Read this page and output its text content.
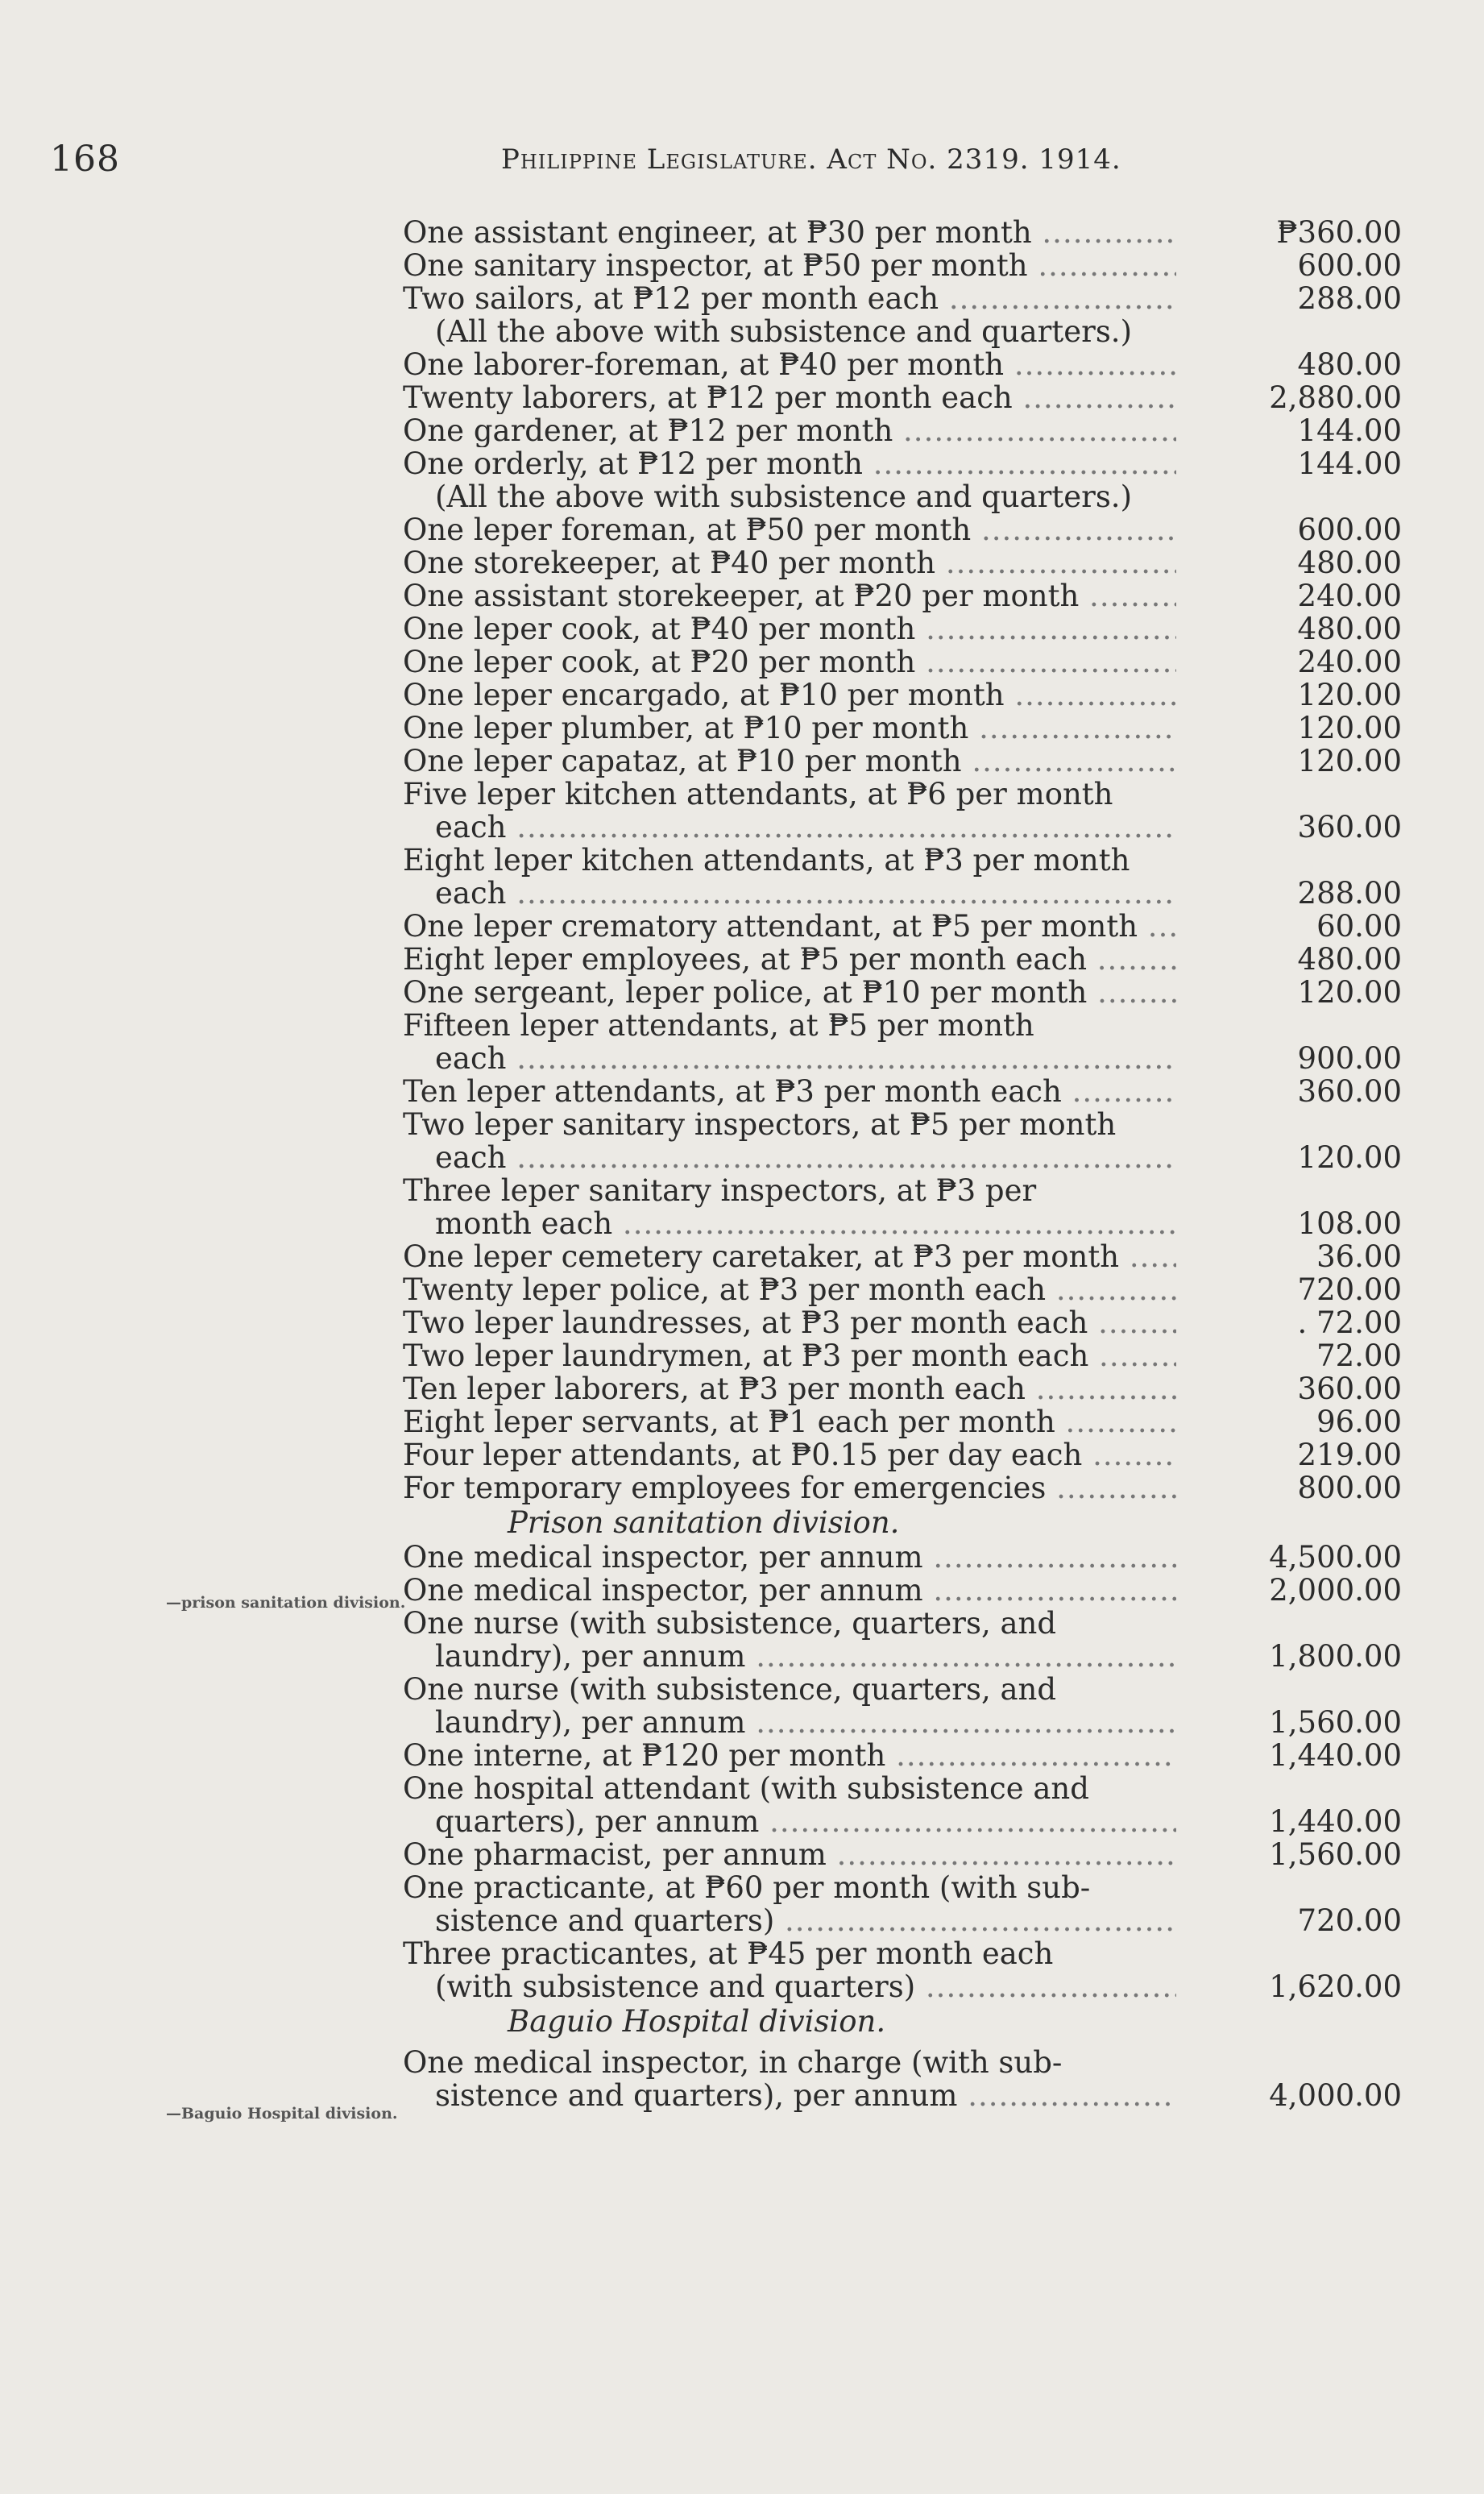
168	Philippine Legislature. Act No. 2319. 1914.
—prison sanitation division.
—Baguio Hospital division.
One assistant engineer, at ₱30 per month .....	₱360.00
One sanitary inspector, at ₱50 per month .....	600.00
Two sailors, at ₱12 per month each .....	288.00
(All the above with subsistence and quarters.)
One laborer-foreman, at ₱40 per month .....	480.00
Twenty laborers, at ₱12 per month each .....	2,880.00
One gardener, at ₱12 per month .....	144.00
One orderly, at ₱12 per month .....	144.00
(All the above with subsistence and quarters.)
One leper foreman, at ₱50 per month .....	600.00
One storekeeper, at ₱40 per month .....	480.00
One assistant storekeeper, at ₱20 per month .....	240.00
One leper cook, at ₱40 per month .....	480.00
One leper cook, at ₱20 per month .....	240.00
One leper encargado, at ₱10 per month .....	120.00
One leper plumber, at ₱10 per month .....	120.00
One leper capataz, at ₱10 per month .....	120.00
Five leper kitchen attendants, at ₱6 per month
each .....	360.00
Eight leper kitchen attendants, at ₱3 per month
each .....	288.00
One leper crematory attendant, at ₱5 per month .....	60.00
Eight leper employees, at ₱5 per month each .....	480.00
One sergeant, leper police, at ₱10 per month .....	120.00
Fifteen leper attendants, at ₱5 per month
each .....	900.00
Ten leper attendants, at ₱3 per month each .....	360.00
Two leper sanitary inspectors, at ₱5 per month
each .....	120.00
Three leper sanitary inspectors, at ₱3 per
month each .....	108.00
One leper cemetery caretaker, at ₱3 per month .....	36.00
Twenty leper police, at ₱3 per month each .....	720.00
Two leper laundresses, at ₱3 per month each .....	. 72.00
Two leper laundrymen, at ₱3 per month each .....	72.00
Ten leper laborers, at ₱3 per month each .....	360.00
Eight leper servants, at ₱1 each per month .....	96.00
Four leper attendants, at ₱0.15 per day each .....	219.00
For temporary employees for emergencies .....	800.00
Prison sanitation division.
One medical inspector, per annum .....	4,500.00
One medical inspector, per annum .....	2,000.00
One nurse (with subsistence, quarters, and
laundry), per annum .....	1,800.00
One nurse (with subsistence, quarters, and
laundry), per annum .....	1,560.00
One interne, at ₱120 per month .....	1,440.00
One hospital attendant (with subsistence and
quarters), per annum .....	1,440.00
One pharmacist, per annum .....	1,560.00
One practicante, at ₱60 per month (with sub-
sistence and quarters) .....	720.00
Three practicantes, at ₱45 per month each
(with subsistence and quarters) .....	1,620.00
Baguio Hospital division.
One medical inspector, in charge (with sub-
sistence and quarters), per annum .....	4,000.00
